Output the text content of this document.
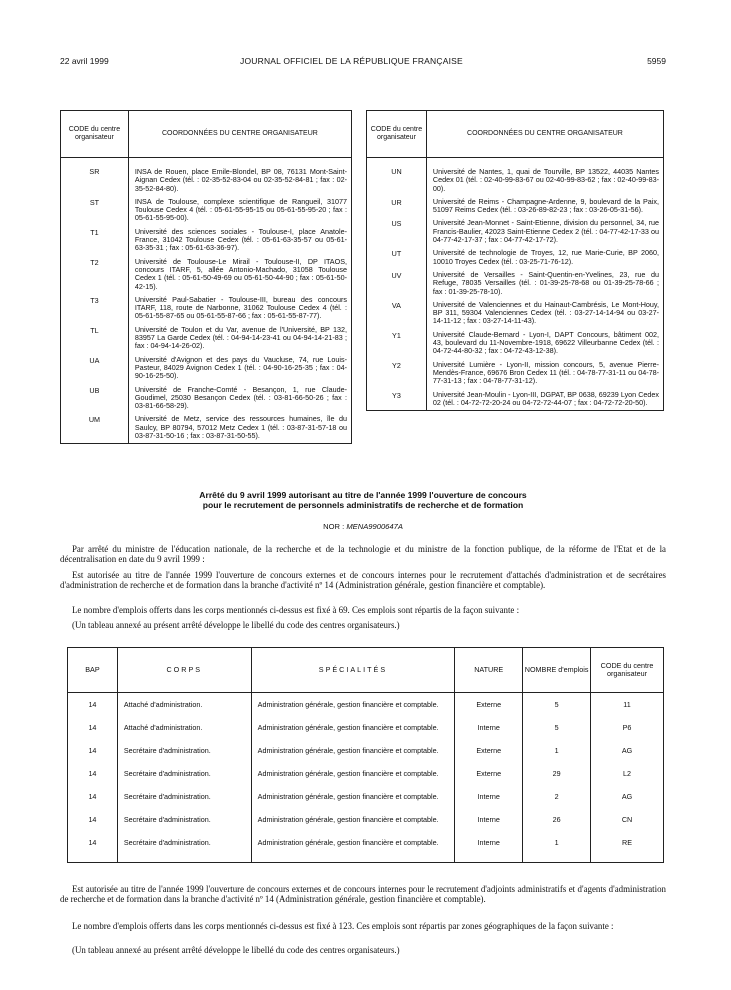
22 avril 1999	JOURNAL OFFICIEL DE LA RÉPUBLIQUE FRANÇAISE	5959
CODE du centre organisateur	COORDONNÉES DU CENTRE ORGANISATEUR
SR	INSA de Rouen, place Emile-Blondel, BP 08, 76131 Mont-Saint-Aignan Cedex (tél. : 02-35-52-83-04 ou 02-35-52-84-81 ; fax : 02-35-52-84-80).
ST	INSA de Toulouse, complexe scientifique de Rangueil, 31077 Toulouse Cedex 4 (tél. : 05-61-55-95-15 ou 05-61-55-95-20 ; fax : 05-61-55-95-00).
T1	Université des sciences sociales - Toulouse-I, place Anatole-France, 31042 Toulouse Cedex (tél. : 05-61-63-35-57 ou 05-61-63-35-31 ; fax : 05-61-63-36-97).
T2	Université de Toulouse-Le Mirail - Toulouse-II, DP ITAOS, concours ITARF, 5, allée Antonio-Machado, 31058 Toulouse Cedex 1 (tél. : 05-61-50-49-69 ou 05-61-50-44-90 ; fax : 05-61-50-42-15).
T3	Université Paul-Sabatier - Toulouse-III, bureau des concours ITARF, 118, route de Narbonne, 31062 Toulouse Cedex 4 (tél. : 05-61-55-87-65 ou 05-61-55-87-66 ; fax : 05-61-55-87-77).
TL	Université de Toulon et du Var, avenue de l'Université, BP 132, 83957 La Garde Cedex (tél. : 04-94-14-23-41 ou 04-94-14-21-83 ; fax : 04-94-14-26-02).
UA	Université d'Avignon et des pays du Vaucluse, 74, rue Louis-Pasteur, 84029 Avignon Cedex 1 (tél. : 04-90-16-25-35 ; fax : 04-90-16-25-50).
UB	Université de Franche-Comté - Besançon, 1, rue Claude-Goudimel, 25030 Besançon Cedex (tél. : 03-81-66-50-26 ; fax : 03-81-66-58-29).
UM	Université de Metz, service des ressources humaines, île du Saulcy, BP 80794, 57012 Metz Cedex 1 (tél. : 03-87-31-57-18 ou 03-87-31-50-16 ; fax : 03-87-31-50-55).
CODE du centre organisateur	COORDONNÉES DU CENTRE ORGANISATEUR
UN	Université de Nantes, 1, quai de Tourville, BP 13522, 44035 Nantes Cedex 01 (tél. : 02-40-99-83-67 ou 02-40-99-83-62 ; fax : 02-40-99-83-00).
UR	Université de Reims - Champagne-Ardenne, 9, boulevard de la Paix, 51097 Reims Cedex (tél. : 03-26-89-82-23 ; fax : 03-26-05-31-56).
US	Université Jean-Monnet - Saint-Etienne, division du personnel, 34, rue Francis-Baulier, 42023 Saint-Etienne Cedex 2 (tél. : 04-77-42-17-33 ou 04-77-42-17-37 ; fax : 04-77-42-17-72).
UT	Université de technologie de Troyes, 12, rue Marie-Curie, BP 2060, 10010 Troyes Cedex (tél. : 03-25-71-76-12).
UV	Université de Versailles - Saint-Quentin-en-Yvelines, 23, rue du Refuge, 78035 Versailles (tél. : 01-39-25-78-68 ou 01-39-25-78-66 ; fax : 01-39-25-78-10).
VA	Université de Valenciennes et du Hainaut-Cambrésis, Le Mont-Houy, BP 311, 59304 Valenciennes Cedex (tél. : 03-27-14-14-94 ou 03-27-14-11-12 ; fax : 03-27-14-11-43).
Y1	Université Claude-Bernard - Lyon-I, DAPT Concours, bâtiment 002, 43, boulevard du 11-Novembre-1918, 69622 Villeurbanne Cedex (tél. : 04-72-44-80-32 ; fax : 04-72-43-12-38).
Y2	Université Lumière - Lyon-II, mission concours, 5, avenue Pierre-Mendès-France, 69676 Bron Cedex 11 (tél. : 04-78-77-31-11 ou 04-78-77-31-13 ; fax : 04-78-77-31-12).
Y3	Université Jean-Moulin - Lyon-III, DGPAT, BP 0638, 69239 Lyon Cedex 02 (tél. : 04-72-72-20-24 ou 04-72-72-44-07 ; fax : 04-72-72-20-50).
Arrêté du 9 avril 1999 autorisant au titre de l'année 1999 l'ouverture de concours
pour le recrutement de personnels administratifs de recherche et de formation
NOR : MENA9900647A

Par arrêté du ministre de l'éducation nationale, de la recherche et de la technologie et du ministre de la fonction publique, de la réforme de l'Etat et de la décentralisation en date du 9 avril 1999 :

Est autorisée au titre de l'année 1999 l'ouverture de concours externes et de concours internes pour le recrutement d'attachés d'administration et de secrétaires d'administration de recherche et de formation dans la branche d'activité nº 14 (Administration générale, gestion financière et comptable).

Le nombre d'emplois offerts dans les corps mentionnés ci-dessus est fixé à 69. Ces emplois sont répartis de la façon suivante :

(Un tableau annexé au présent arrêté développe le libellé du code des centres organisateurs.)

BAP	CORPS	SPÉCIALITÉS	NATURE	NOMBRE d'emplois	CODE du centre organisateur
14	Attaché d'administration.	Administration générale, gestion financière et comptable.	Externe	5	11
14	Attaché d'administration.	Administration générale, gestion financière et comptable.	Interne	5	P6
14	Secrétaire d'administration.	Administration générale, gestion financière et comptable.	Externe	1	AG
14	Secrétaire d'administration.	Administration générale, gestion financière et comptable.	Externe	29	L2
14	Secrétaire d'administration.	Administration générale, gestion financière et comptable.	Interne	2	AG
14	Secrétaire d'administration.	Administration générale, gestion financière et comptable.	Interne	26	CN
14	Secrétaire d'administration.	Administration générale, gestion financière et comptable.	Interne	1	RE

Est autorisée au titre de l'année 1999 l'ouverture de concours externes et de concours internes pour le recrutement d'adjoints administratifs et d'agents d'administration de recherche et de formation dans la branche d'activité nº 14 (Administration générale, gestion financière et comptable).

Le nombre d'emplois offerts dans les corps mentionnés ci-dessus est fixé à 123. Ces emplois sont répartis par zones géographiques de la façon suivante :

(Un tableau annexé au présent arrêté développe le libellé du code des centres organisateurs.)
